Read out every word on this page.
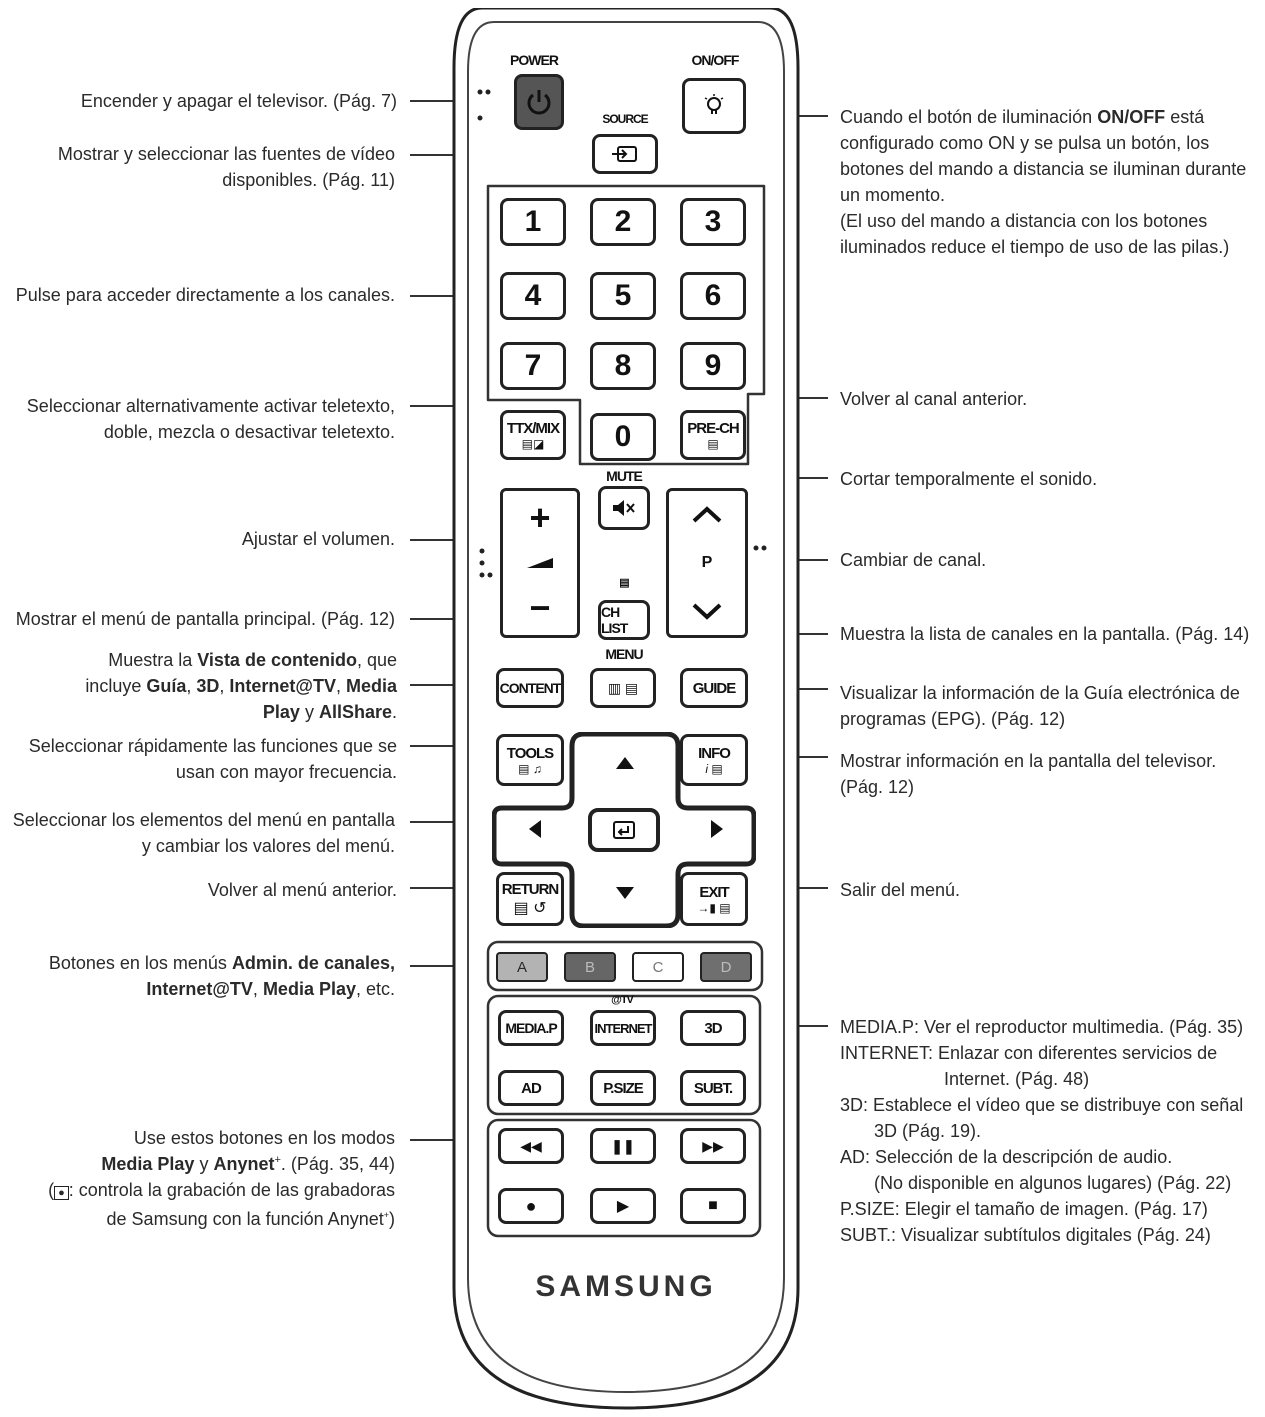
Encender y apagar el televisor. (Pág. 7)
Mostrar y seleccionar las fuentes de vídeo
disponibles. (Pág. 11)
Pulse para acceder directamente a los canales.
Seleccionar alternativamente activar teletexto,
doble, mezcla o desactivar teletexto.
Ajustar el volumen.
Mostrar el menú de pantalla principal. (Pág. 12)
Muestra la Vista de contenido, que
incluye Guía, 3D, Internet@TV, Media
Play y AllShare.
Seleccionar rápidamente las funciones que se
usan con mayor frecuencia.
Seleccionar los elementos del menú en pantalla
y cambiar los valores del menú.
Volver al menú anterior.
Botones en los menús Admin. de canales,
Internet@TV, Media Play, etc.
Use estos botones en los modos
Media Play y Anynet+. (Pág. 35, 44)
( ● : controla la grabación de las grabadoras
de Samsung con la función Anynet+)
Cuando el botón de iluminación ON/OFF está
configurado como ON y se pulsa un botón, los
botones del mando a distancia se iluminan durante
un momento.
(El uso del mando a distancia con los botones
iluminados reduce el tiempo de uso de las pilas.)
Volver al canal anterior.
Cortar temporalmente el sonido.
Cambiar de canal.
Muestra la lista de canales en la pantalla. (Pág. 14)
Visualizar la información de la Guía electrónica de
programas (EPG). (Pág. 12)
Mostrar información en la pantalla del televisor.
(Pág. 12)
Salir del menú.
MEDIA.P: Ver el reproductor multimedia. (Pág. 35)
INTERNET: Enlazar con diferentes servicios de
Internet. (Pág. 48)
3D: Establece el vídeo que se distribuye con señal
3D (Pág. 19).
AD: Selección de la descripción de audio.
(No disponible en algunos lugares) (Pág. 22)
P.SIZE: Elegir el tamaño de imagen. (Pág. 17)
SUBT.: Visualizar subtítulos digitales (Pág. 24)
POWER	ON/OFF
SOURCE
1	2	3
4	5	6
7	8	9
0
TTX/MIX
▤◪
PRE-CH
▤
MUTE
+
−
P
▤
CH LIST
MENU
▥ ▤
CONTENT	GUIDE
TOOLS
▤ ♫
INFO
i ▤
RETURN
▤ ↺
EXIT
→▮ ▤
A	B	C	D
@TV
MEDIA.P	INTERNET	3D
AD	P.SIZE	SUBT.
◀◀	❚❚	▶▶
●	▶	■
SAMSUNG
